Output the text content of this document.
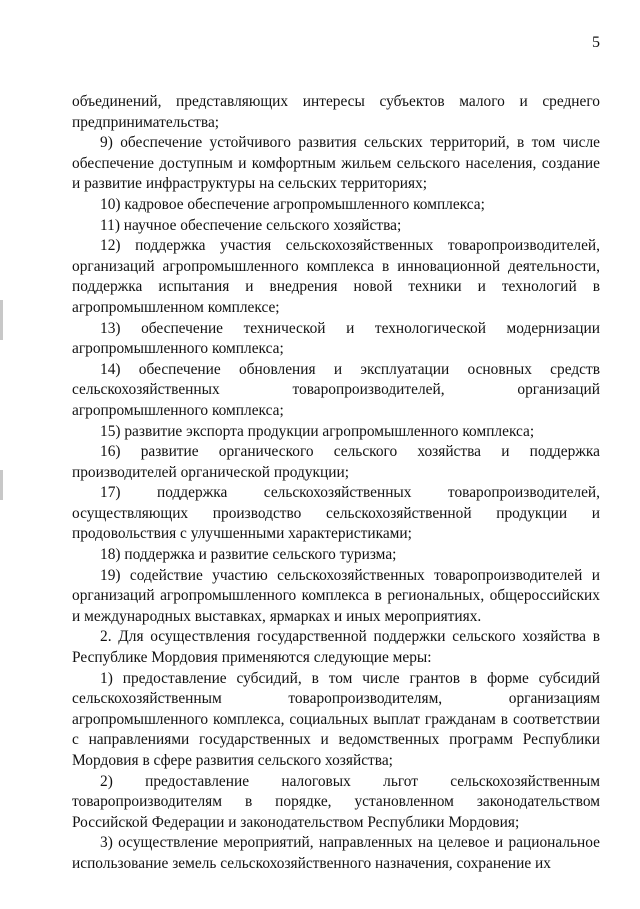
5

объединений, представляющих интересы субъектов малого и среднего предпринимательства;

9) обеспечение устойчивого развития сельских территорий, в том числе обеспечение доступным и комфортным жильем сельского населения, создание и развитие инфраструктуры на сельских территориях;

10) кадровое обеспечение агропромышленного комплекса;

11) научное обеспечение сельского хозяйства;

12) поддержка участия сельскохозяйственных товаропроизводителей, организаций агропромышленного комплекса в инновационной деятельности, поддержка испытания и внедрения новой техники и технологий в агропромышленном комплексе;

13) обеспечение технической и технологической модернизации агропромышленного комплекса;

14) обеспечение обновления и эксплуатации основных средств сельскохозяйственных товаропроизводителей, организаций агропромышленного комплекса;

15) развитие экспорта продукции агропромышленного комплекса;

16) развитие органического сельского хозяйства и поддержка производителей органической продукции;

17) поддержка сельскохозяйственных товаропроизводителей, осуществляющих производство сельскохозяйственной продукции и продовольствия с улучшенными характеристиками;

18) поддержка и развитие сельского туризма;

19) содействие участию сельскохозяйственных товаропроизводителей и организаций агропромышленного комплекса в региональных, общероссийских и международных выставках, ярмарках и иных мероприятиях.

2. Для осуществления государственной поддержки сельского хозяйства в Республике Мордовия применяются следующие меры:

1) предоставление субсидий, в том числе грантов в форме субсидий сельскохозяйственным товаропроизводителям, организациям агропромышленного комплекса, социальных выплат гражданам в соответствии с направлениями государственных и ведомственных программ Республики Мордовия в сфере развития сельского хозяйства;

2) предоставление налоговых льгот сельскохозяйственным товаропроизводителям в порядке, установленном законодательством Российской Федерации и законодательством Республики Мордовия;

3) осуществление мероприятий, направленных на целевое и рациональное использование земель сельскохозяйственного назначения, сохранение их
